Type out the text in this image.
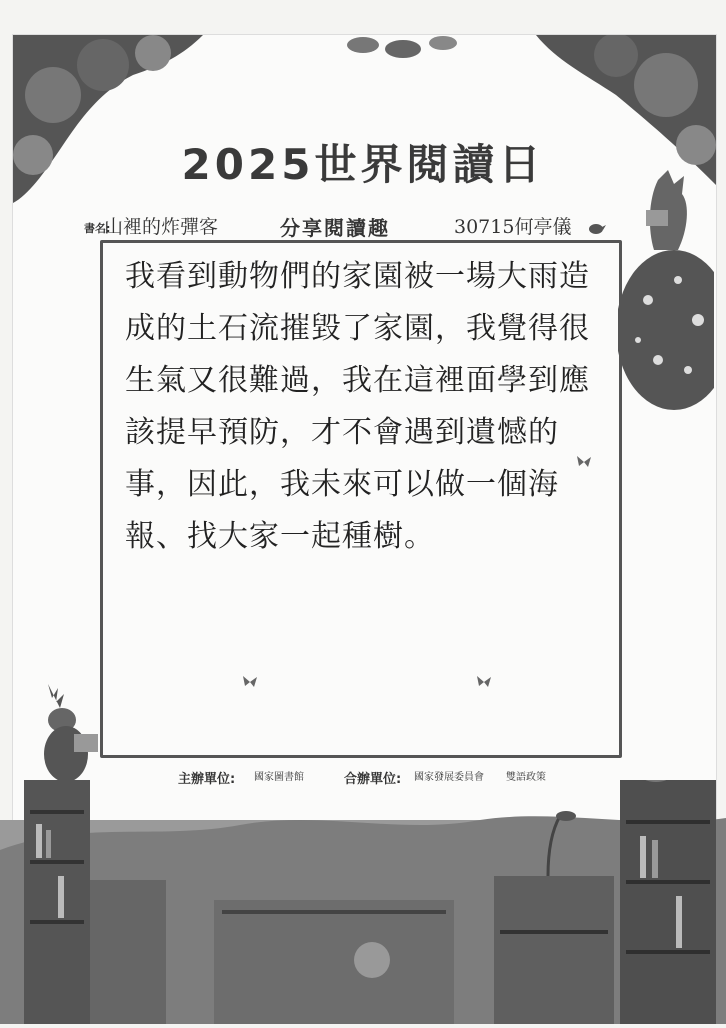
2025世界閱讀日
書名:
山裡的炸彈客	分享閱讀趣	30715何亭儀
我看到動物們的家園被一場大雨造成的土石流摧毀了家園，我覺得很生氣又很難過，我在這裡面學到應該提早預防，才不會遇到遺憾的事，因此，我未來可以做一個海報、找大家一起種樹。
主辦單位: 國家圖書館	合辦單位: 國家發展委員會 雙語政策
